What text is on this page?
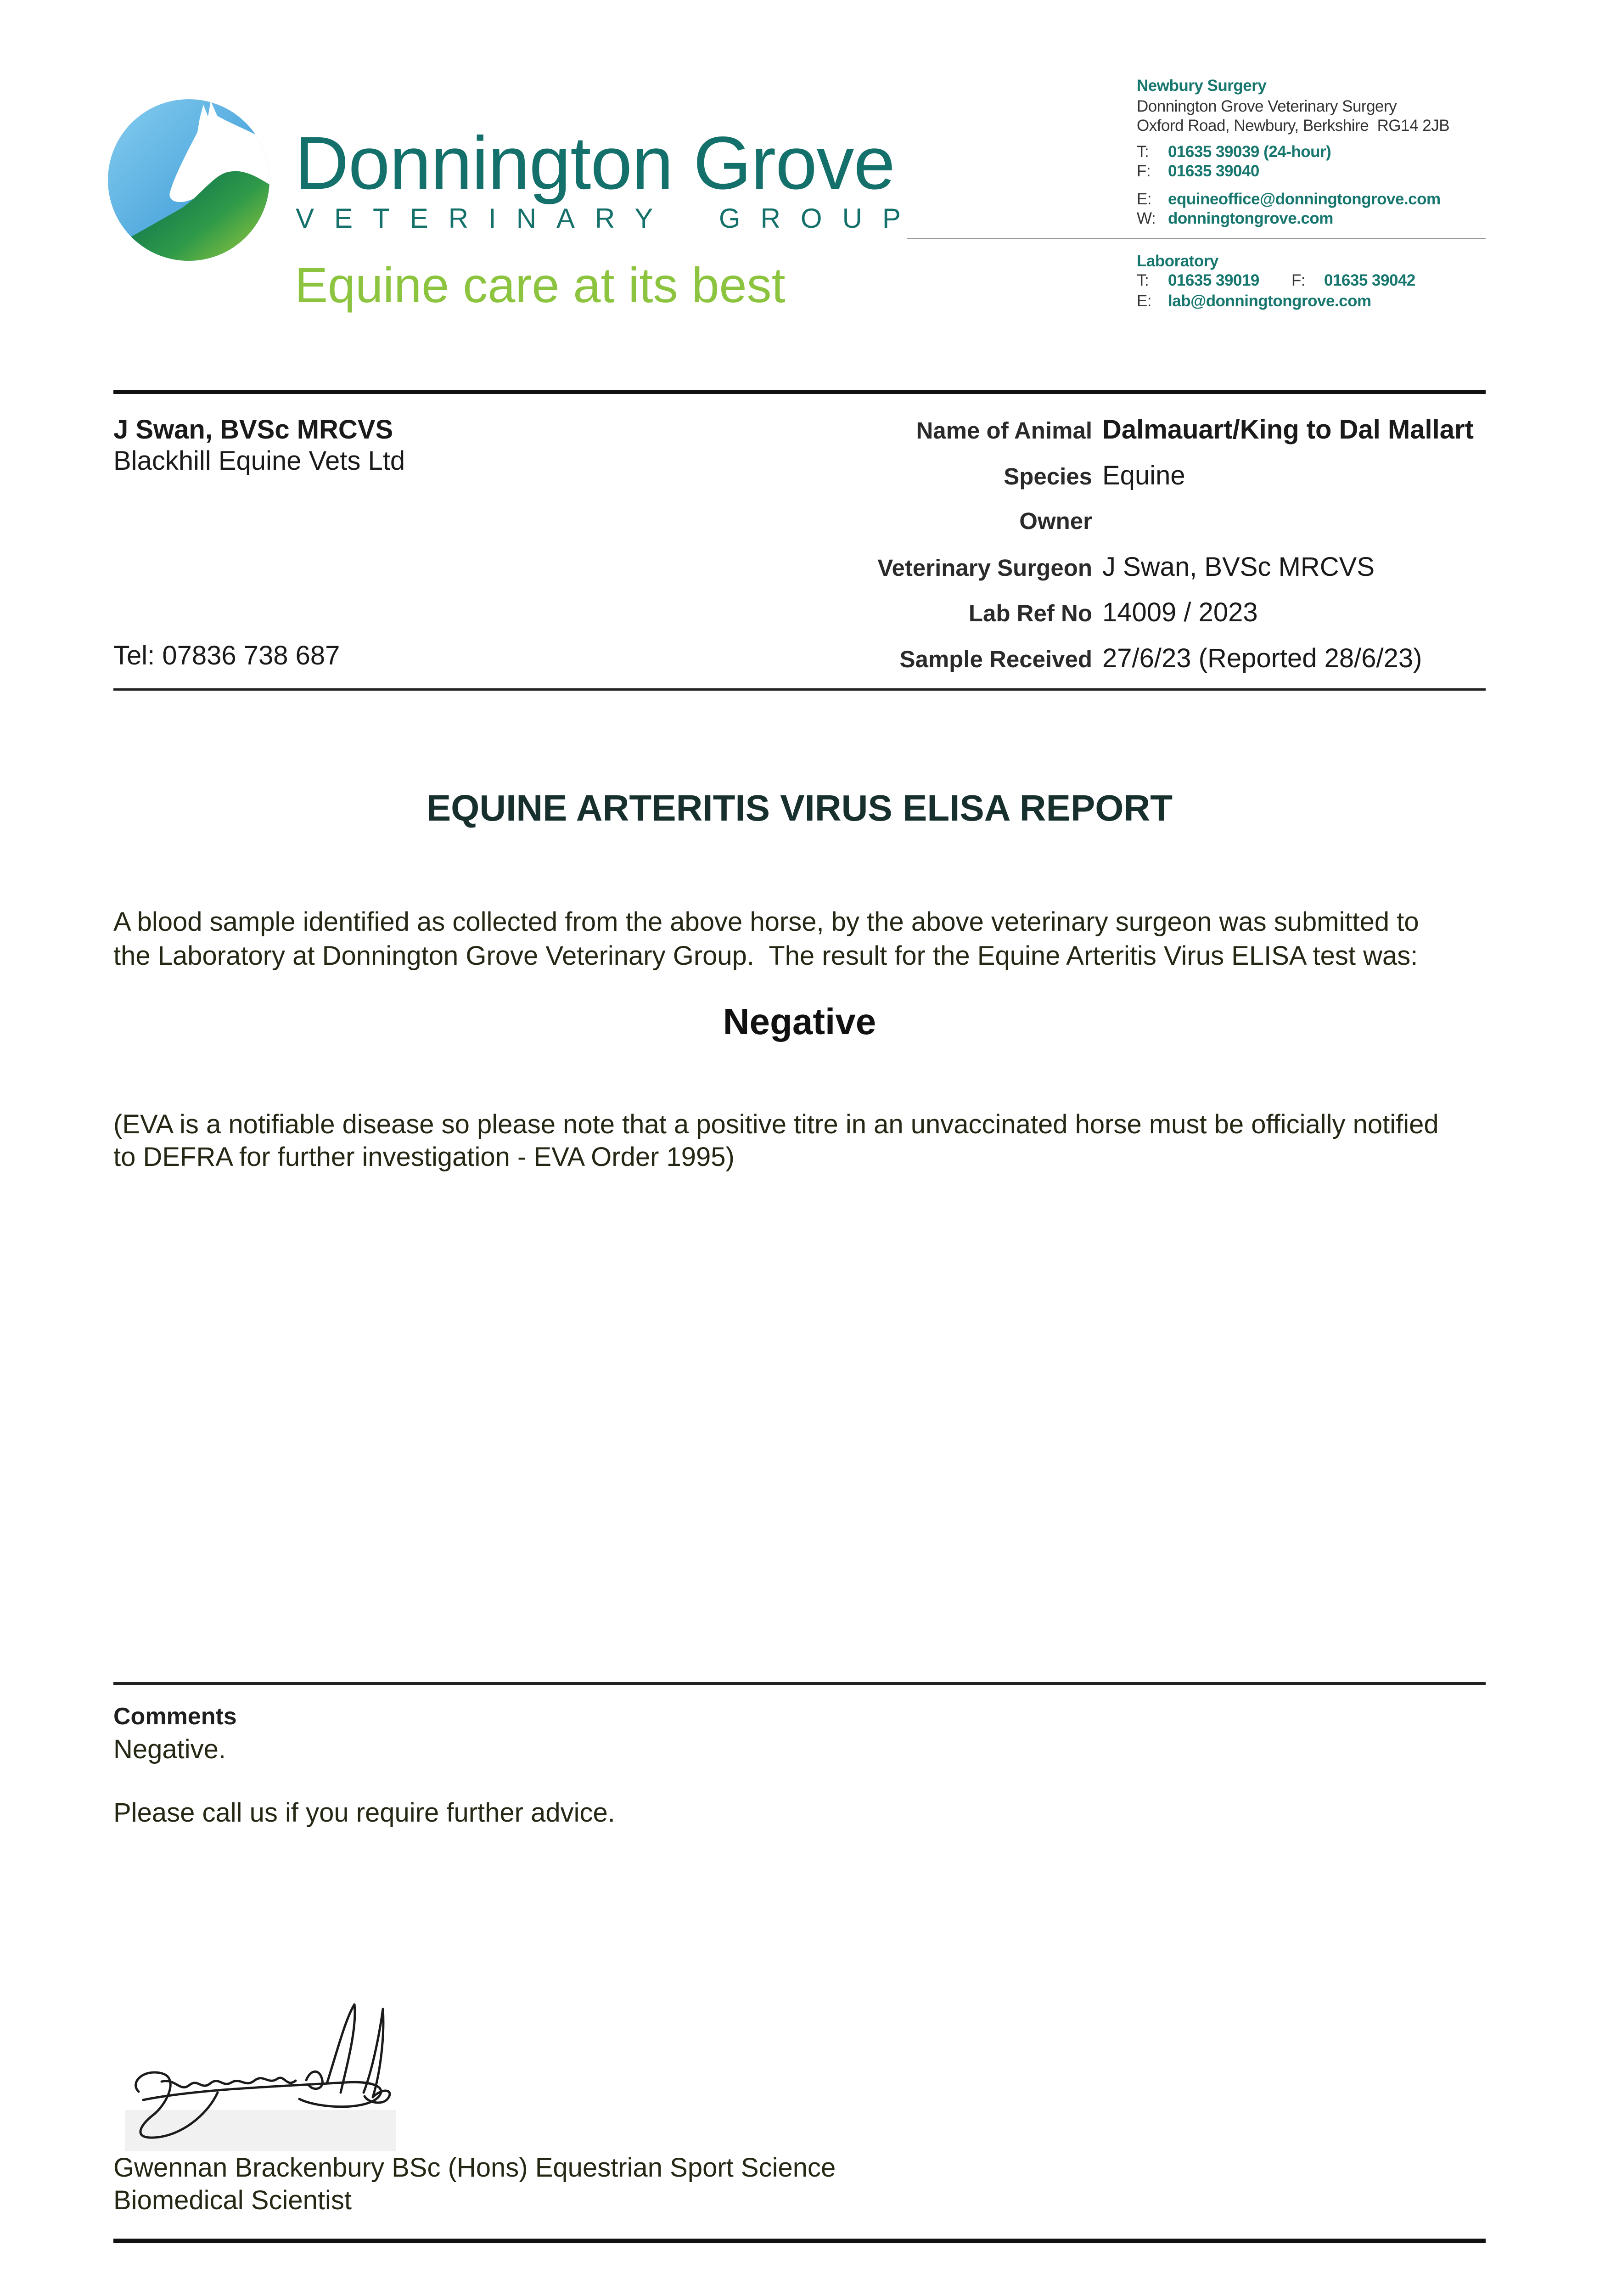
Donnington Grove
VETERINARY GROUP
Equine care at its best
Newbury Surgery
Donnington Grove Veterinary Surgery
Oxford Road, Newbury, Berkshire  RG14 2JB
T: 01635 39039 (24-hour)
F: 01635 39040
E: equineoffice@donningtongrove.com
W: donningtongrove.com
Laboratory
T: 01635 39019 F: 01635 39042
E: lab@donningtongrove.com
J Swan, BVSc MRCVS
Blackhill Equine Vets Ltd
Tel: 07836 738 687
Name of Animal Dalmauart/King to Dal Mallart
Species Equine
Owner
Veterinary Surgeon J Swan, BVSc MRCVS
Lab Ref No 14009 / 2023
Sample Received 27/6/23 (Reported 28/6/23)
EQUINE ARTERITIS VIRUS ELISA REPORT
A blood sample identified as collected from the above horse, by the above veterinary surgeon was submitted to
the Laboratory at Donnington Grove Veterinary Group.  The result for the Equine Arteritis Virus ELISA test was:
Negative
(EVA is a notifiable disease so please note that a positive titre in an unvaccinated horse must be officially notified
to DEFRA for further investigation - EVA Order 1995)
Comments
Negative.
Please call us if you require further advice.
Gwennan Brackenbury BSc (Hons) Equestrian Sport Science
Biomedical Scientist
